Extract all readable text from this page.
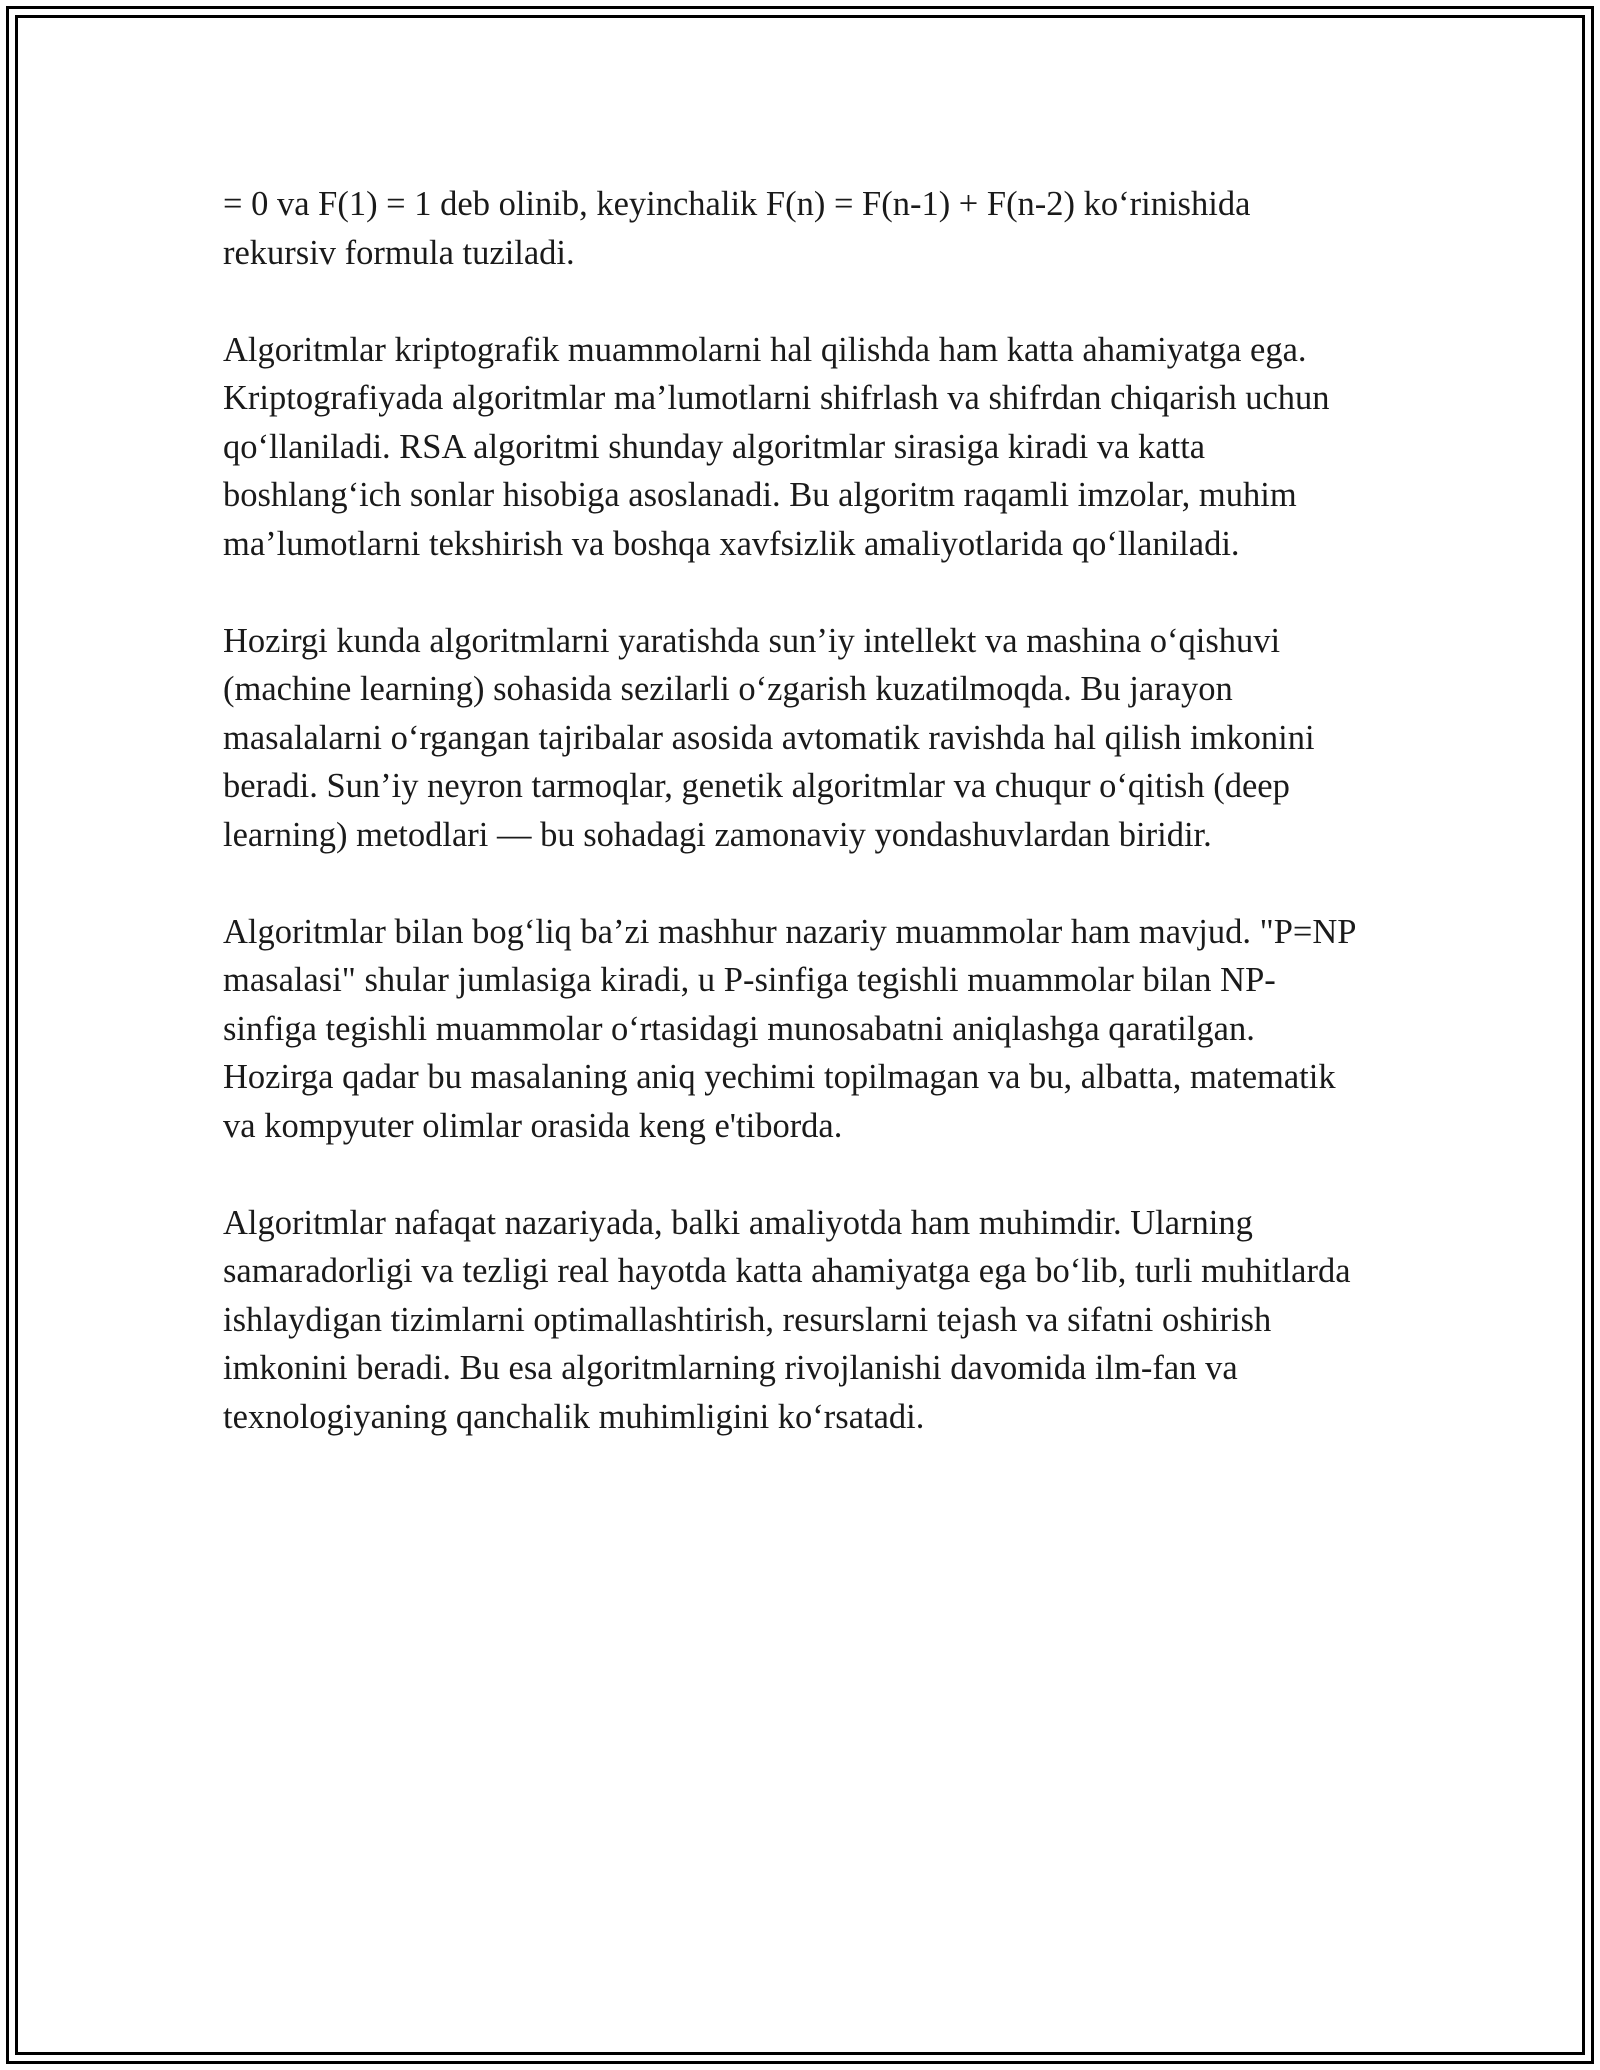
= 0 va F(1) = 1 deb olinib, keyinchalik F(n) = F(n-1) + F(n-2) koʻrinishida rekursiv formula tuziladi.

Algoritmlar kriptografik muammolarni hal qilishda ham katta ahamiyatga ega. Kriptografiyada algoritmlar ma’lumotlarni shifrlash va shifrdan chiqarish uchun qoʻllaniladi. RSA algoritmi shunday algoritmlar sirasiga kiradi va katta boshlangʻich sonlar hisobiga asoslanadi. Bu algoritm raqamli imzolar, muhim ma’lumotlarni tekshirish va boshqa xavfsizlik amaliyotlarida qoʻllaniladi.

Hozirgi kunda algoritmlarni yaratishda sun’iy intellekt va mashina oʻqishuvi (machine learning) sohasida sezilarli oʻzgarish kuzatilmoqda. Bu jarayon masalalarni oʻrgangan tajribalar asosida avtomatik ravishda hal qilish imkonini beradi. Sun’iy neyron tarmoqlar, genetik algoritmlar va chuqur oʻqitish (deep learning) metodlari — bu sohadagi zamonaviy yondashuvlardan biridir.

Algoritmlar bilan bogʻliq ba’zi mashhur nazariy muammolar ham mavjud. "P=NP masalasi" shular jumlasiga kiradi, u P-sinfiga tegishli muammolar bilan NP-sinfiga tegishli muammolar oʻrtasidagi munosabatni aniqlashga qaratilgan. Hozirga qadar bu masalaning aniq yechimi topilmagan va bu, albatta, matematik va kompyuter olimlar orasida keng e'tiborda.

Algoritmlar nafaqat nazariyada, balki amaliyotda ham muhimdir. Ularning samaradorligi va tezligi real hayotda katta ahamiyatga ega boʻlib, turli muhitlarda ishlaydigan tizimlarni optimallashtirish, resurslarni tejash va sifatni oshirish imkonini beradi. Bu esa algoritmlarning rivojlanishi davomida ilm-fan va texnologiyaning qanchalik muhimligini koʻrsatadi.
